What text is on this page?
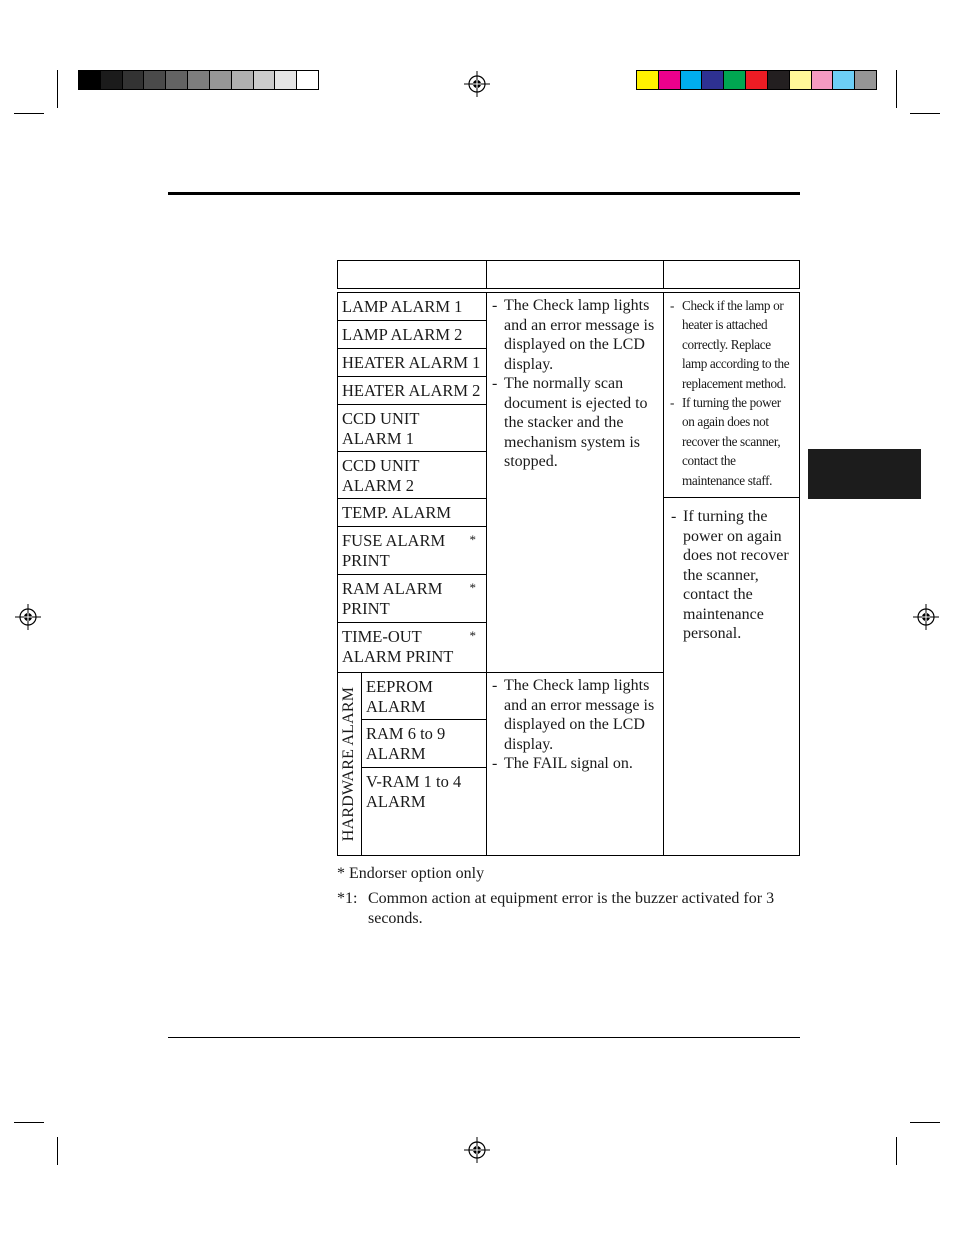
LAMP ALARM 1
LAMP ALARM 2
HEATER ALARM 1
HEATER ALARM 2
CCD UNIT ALARM 1
CCD UNIT ALARM 2
TEMP. ALARM
FUSE ALARM PRINT
*
RAM ALARM PRINT
*
TIME-OUT ALARM PRINT
*
HARDWARE ALARM
EEPROM ALARM
RAM 6 to 9 ALARM
V-RAM 1 to 4 ALARM
- The Check lamp lights and an error message is displayed on the LCD display.
- The normally scan document is ejected to the stacker and the mechanism system is stopped.
- The Check lamp lights and an error message is displayed on the LCD display.
- The FAIL signal on.
- Check if the lamp or heater is attached correctly. Replace lamp according to the replacement method.
- If turning the power on again does not recover the scanner, contact the maintenance staff.
- If turning the power on again does not recover the scanner, contact the maintenance personal.
* Endorser option only
*1: Common action at equipment error is the buzzer activated for 3 seconds.
